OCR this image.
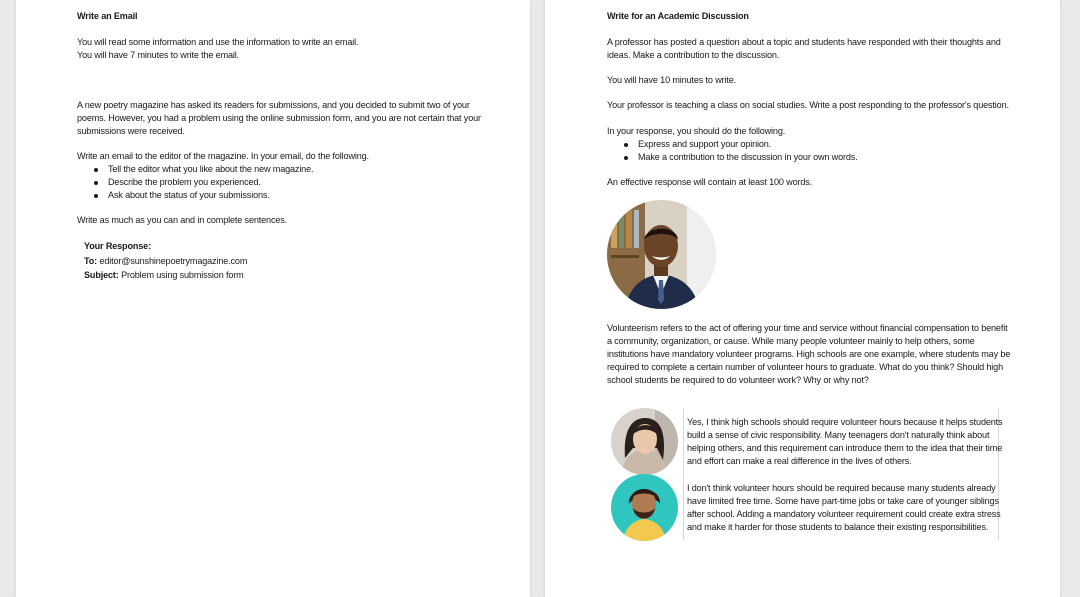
Write an Email
You will read some information and use the information to write an email.
You will have 7 minutes to write the email.
A new poetry magazine has asked its readers for submissions, and you decided to submit two of your
poems. However, you had a problem using the online submission form, and you are not certain that your
submissions were received.
Write an email to the editor of the magazine. In your email, do the following.
Tell the editor what you like about the new magazine.
Describe the problem you experienced.
Ask about the status of your submissions.
Write as much as you can and in complete sentences.
Your Response:
To: editor@sunshinepoetrymagazine.com
Subject: Problem using submission form
Write for an Academic Discussion
A professor has posted a question about a topic and students have responded with their thoughts and
ideas. Make a contribution to the discussion.
You will have 10 minutes to write.
Your professor is teaching a class on social studies. Write a post responding to the professor's question.
In your response, you should do the following.
Express and support your opinion.
Make a contribution to the discussion in your own words.
An effective response will contain at least 100 words.
Volunteerism refers to the act of offering your time and service without financial compensation to benefit
a community, organization, or cause. While many people volunteer mainly to help others, some
institutions have mandatory volunteer programs. High schools are one example, where students may be
required to complete a certain number of volunteer hours to graduate. What do you think? Should high
school students be required to do volunteer work? Why or why not?
Yes, I think high schools should require volunteer hours because it helps students
build a sense of civic responsibility. Many teenagers don't naturally think about
helping others, and this requirement can introduce them to the idea that their time
and effort can make a real difference in the lives of others.
I don't think volunteer hours should be required because many students already
have limited free time. Some have part-time jobs or take care of younger siblings
after school. Adding a mandatory volunteer requirement could create extra stress
and make it harder for those students to balance their existing responsibilities.
